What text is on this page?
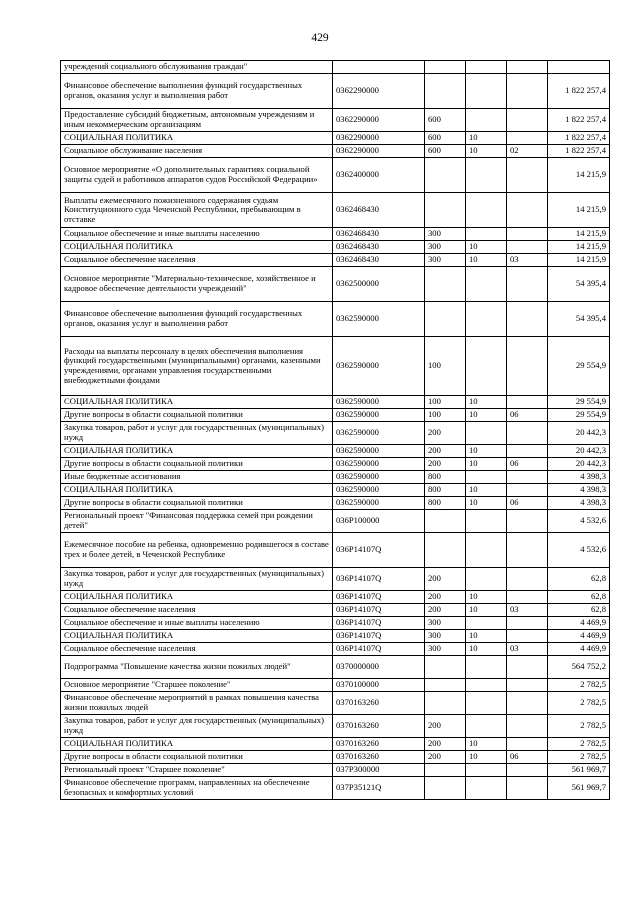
429
учреждений социального обслуживания граждан"					
Финансовое обеспечение выполнения функций государственных органов, оказания услуг и выполнения работ	0362290000				1 822 257,4
Предоставление субсидий бюджетным, автономным учреждениям и иным некоммерческим организациям	0362290000	600			1 822 257,4
СОЦИАЛЬНАЯ ПОЛИТИКА	0362290000	600	10		1 822 257,4
Социальное обслуживание населения	0362290000	600	10	02	1 822 257,4
Основное мероприятие «О дополнительных гарантиях социальной защиты судей и работников аппаратов судов Российской Федерации»	0362400000				14 215,9
Выплаты ежемесячного пожизненного содержания судьям Конституционного суда Чеченской Республики, пребывающим в отставке	0362468430				14 215,9
Социальное обеспечение и иные выплаты населению	0362468430	300			14 215,9
СОЦИАЛЬНАЯ ПОЛИТИКА	0362468430	300	10		14 215,9
Социальное обеспечение населения	0362468430	300	10	03	14 215,9
Основное мероприятие "Материально-техническое, хозяйственное и кадровое обеспечение деятельности учреждений"	0362500000				54 395,4
Финансовое обеспечение выполнения функций государственных органов, оказания услуг и выполнения работ	0362590000				54 395,4
Расходы на выплаты персоналу в целях обеспечения выполнения функций государственными (муниципальными) органами, казенными учреждениями, органами управления государственными внебюджетными фондами	0362590000	100			29 554,9
СОЦИАЛЬНАЯ ПОЛИТИКА	0362590000	100	10		29 554,9
Другие вопросы в области социальной политики	0362590000	100	10	06	29 554,9
Закупка товаров, работ и услуг для государственных (муниципальных) нужд	0362590000	200			20 442,3
СОЦИАЛЬНАЯ ПОЛИТИКА	0362590000	200	10		20 442,3
Другие вопросы в области социальной политики	0362590000	200	10	06	20 442,3
Иные бюджетные ассигнования	0362590000	800			4 398,3
СОЦИАЛЬНАЯ ПОЛИТИКА	0362590000	800	10		4 398,3
Другие вопросы в области социальной политики	0362590000	800	10	06	4 398,3
Региональный проект "Финансовая поддержка семей при рождении детей"	036P100000				4 532,6
Ежемесячное пособие на ребенка, одновременно родившегося в составе трех и более детей, в Чеченской Республике	036P14107Q				4 532,6
Закупка товаров, работ и услуг для государственных (муниципальных) нужд	036P14107Q	200			62,8
СОЦИАЛЬНАЯ ПОЛИТИКА	036P14107Q	200	10		62,8
Социальное обеспечение населения	036P14107Q	200	10	03	62,8
Социальное обеспечение и иные выплаты населению	036P14107Q	300			4 469,9
СОЦИАЛЬНАЯ ПОЛИТИКА	036P14107Q	300	10		4 469,9
Социальное обеспечение населения	036P14107Q	300	10	03	4 469,9
Подпрограмма "Повышение качества жизни пожилых людей"	0370000000				564 752,2
Основное мероприятие "Старшее поколение"	0370100000				2 782,5
Финансовое обеспечение мероприятий в рамках повышения качества жизни пожилых людей	0370163260				2 782,5
Закупка товаров, работ и услуг для государственных (муниципальных) нужд	0370163260	200			2 782,5
СОЦИАЛЬНАЯ ПОЛИТИКА	0370163260	200	10		2 782,5
Другие вопросы в области социальной политики	0370163260	200	10	06	2 782,5
Региональный проект "Старшее поколение"	037P300000				561 969,7
Финансовое обеспечение программ, направленных на обеспечение безопасных и комфортных условий	037P35121Q				561 969,7
